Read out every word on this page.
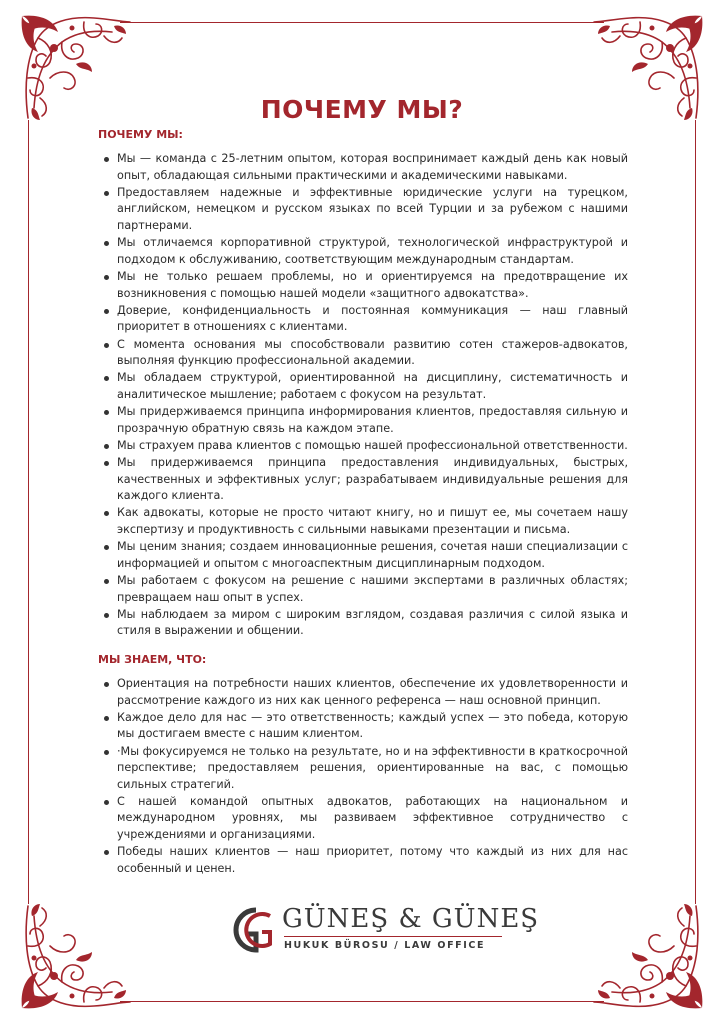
ПОЧЕМУ МЫ?
ПОЧЕМУ МЫ:
Мы — команда с 25-летним опытом, которая воспринимает каждый день как новый опыт, обладающая сильными практическими и академическими навыками.
Предоставляем надежные и эффективные юридические услуги на турецком, английском, немецком и русском языках по всей Турции и за рубежом с нашими партнерами.
Мы отличаемся корпоративной структурой, технологической инфраструктурой и подходом к обслуживанию, соответствующим международным стандартам.
Мы не только решаем проблемы, но и ориентируемся на предотвращение их возникновения с помощью нашей модели «защитного адвокатства».
Доверие, конфиденциальность и постоянная коммуникация — наш главный приоритет в отношениях с клиентами.
С момента основания мы способствовали развитию сотен стажеров-адвокатов, выполняя функцию профессиональной академии.
Мы обладаем структурой, ориентированной на дисциплину, систематичность и аналитическое мышление; работаем с фокусом на результат.
Мы придерживаемся принципа информирования клиентов, предоставляя сильную и прозрачную обратную связь на каждом этапе.
Мы страхуем права клиентов с помощью нашей профессиональной ответственности.
Мы придерживаемся принципа предоставления индивидуальных, быстрых, качественных и эффективных услуг; разрабатываем индивидуальные решения для каждого клиента.
Как адвокаты, которые не просто читают книгу, но и пишут ее, мы сочетаем нашу экспертизу и продуктивность с сильными навыками презентации и письма.
Мы ценим знания; создаем инновационные решения, сочетая наши специализации с информацией и опытом с многоаспектным дисциплинарным подходом.
Мы работаем с фокусом на решение с нашими экспертами в различных областях; превращаем наш опыт в успех.
Мы наблюдаем за миром с широким взглядом, создавая различия с силой языка и стиля в выражении и общении.
МЫ ЗНАЕМ, ЧТО:
Ориентация на потребности наших клиентов, обеспечение их удовлетворенности и рассмотрение каждого из них как ценного референса — наш основной принцип.
Каждое дело для нас — это ответственность; каждый успех — это победа, которую мы достигаем вместе с нашим клиентом.
·Мы фокусируемся не только на результате, но и на эффективности в краткосрочной перспективе; предоставляем решения, ориентированные на вас, с помощью сильных стратегий.
С нашей командой опытных адвокатов, работающих на национальном и международном уровнях, мы развиваем эффективное сотрудничество с учреждениями и организациями.
Победы наших клиентов — наш приоритет, потому что каждый из них для нас особенный и ценен.
GÜNEŞ & GÜNEŞ
HUKUK BÜROSU / LAW OFFICE
